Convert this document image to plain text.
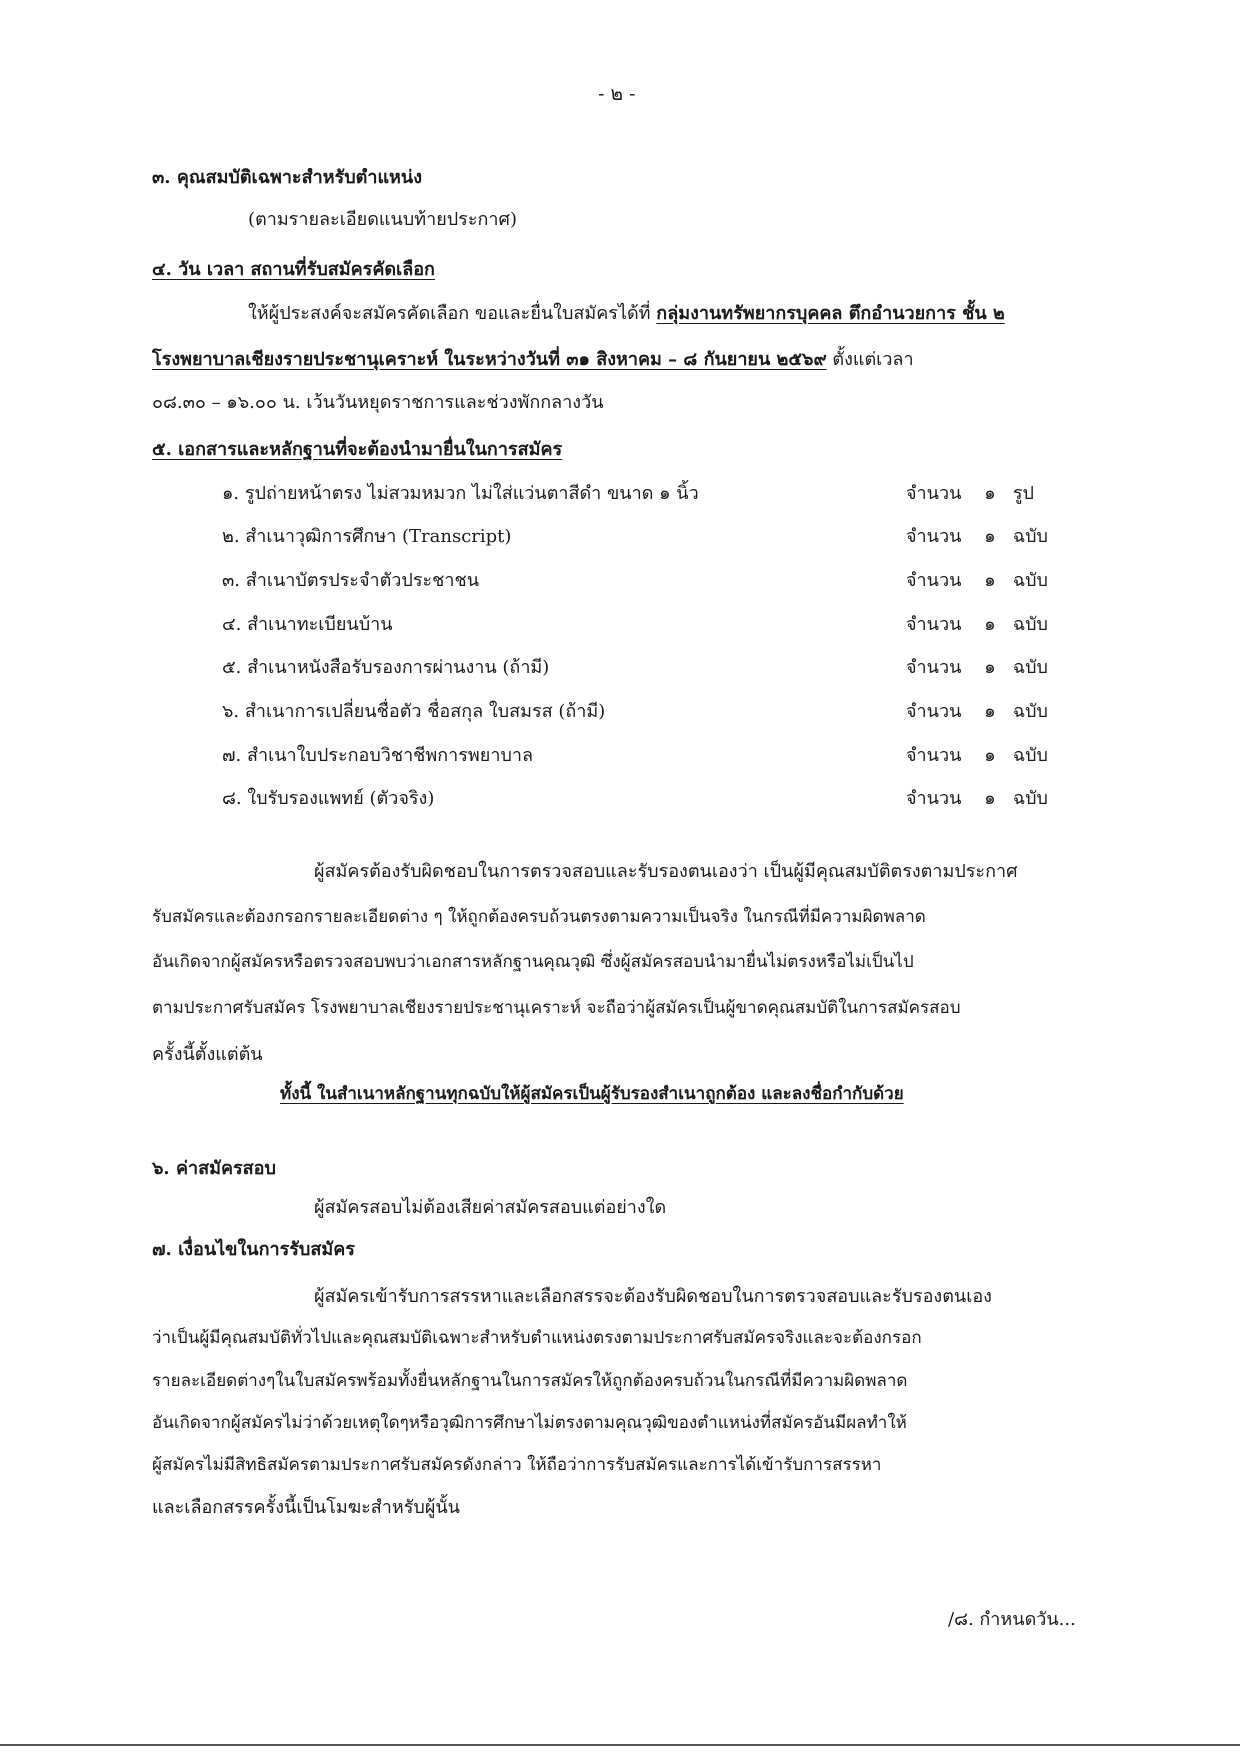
- ๒ -
๓. คุณสมบัติเฉพาะสำหรับตำแหน่ง
(ตามรายละเอียดแนบท้ายประกาศ)
๔. วัน เวลา สถานที่รับสมัครคัดเลือก
ให้ผู้ประสงค์จะสมัครคัดเลือก ขอและยื่นใบสมัครได้ที่ กลุ่มงานทรัพยากรบุคคล ตึกอำนวยการ ชั้น ๒
โรงพยาบาลเชียงรายประชานุเคราะห์ ในระหว่างวันที่ ๓๑ สิงหาคม – ๘ กันยายน ๒๕๖๙ ตั้งแต่เวลา
๐๘.๓๐ – ๑๖.๐๐ น. เว้นวันหยุดราชการและช่วงพักกลางวัน
๕. เอกสารและหลักฐานที่จะต้องนำมายื่นในการสมัคร
๑. รูปถ่ายหน้าตรง ไม่สวมหมวก ไม่ใส่แว่นตาสีดำ ขนาด ๑ นิ้ว	จำนวน ๑ รูป
๒. สำเนาวุฒิการศึกษา (Transcript)	จำนวน ๑ ฉบับ
๓. สำเนาบัตรประจำตัวประชาชน	จำนวน ๑ ฉบับ
๔. สำเนาทะเบียนบ้าน	จำนวน ๑ ฉบับ
๕. สำเนาหนังสือรับรองการผ่านงาน (ถ้ามี)	จำนวน ๑ ฉบับ
๖. สำเนาการเปลี่ยนชื่อตัว ชื่อสกุล ใบสมรส (ถ้ามี)	จำนวน ๑ ฉบับ
๗. สำเนาใบประกอบวิชาชีพการพยาบาล	จำนวน ๑ ฉบับ
๘. ใบรับรองแพทย์ (ตัวจริง)	จำนวน ๑ ฉบับ
ผู้สมัครต้องรับผิดชอบในการตรวจสอบและรับรองตนเองว่า เป็นผู้มีคุณสมบัติตรงตามประกาศ
รับสมัครและต้องกรอกรายละเอียดต่าง ๆ ให้ถูกต้องครบถ้วนตรงตามความเป็นจริง ในกรณีที่มีความผิดพลาด
อันเกิดจากผู้สมัครหรือตรวจสอบพบว่าเอกสารหลักฐานคุณวุฒิ ซึ่งผู้สมัครสอบนำมายื่นไม่ตรงหรือไม่เป็นไป
ตามประกาศรับสมัคร โรงพยาบาลเชียงรายประชานุเคราะห์ จะถือว่าผู้สมัครเป็นผู้ขาดคุณสมบัติในการสมัครสอบ
ครั้งนี้ตั้งแต่ต้น
ทั้งนี้ ในสำเนาหลักฐานทุกฉบับให้ผู้สมัครเป็นผู้รับรองสำเนาถูกต้อง และลงชื่อกำกับด้วย
๖. ค่าสมัครสอบ
ผู้สมัครสอบไม่ต้องเสียค่าสมัครสอบแต่อย่างใด
๗. เงื่อนไขในการรับสมัคร
ผู้สมัครเข้ารับการสรรหาและเลือกสรรจะต้องรับผิดชอบในการตรวจสอบและรับรองตนเอง
ว่าเป็นผู้มีคุณสมบัติทั่วไปและคุณสมบัติเฉพาะสำหรับตำแหน่งตรงตามประกาศรับสมัครจริงและจะต้องกรอก
รายละเอียดต่างๆในใบสมัครพร้อมทั้งยื่นหลักฐานในการสมัครให้ถูกต้องครบถ้วนในกรณีที่มีความผิดพลาด
อันเกิดจากผู้สมัครไม่ว่าด้วยเหตุใดๆหรือวุฒิการศึกษาไม่ตรงตามคุณวุฒิของตำแหน่งที่สมัครอันมีผลทำให้
ผู้สมัครไม่มีสิทธิสมัครตามประกาศรับสมัครดังกล่าว ให้ถือว่าการรับสมัครและการได้เข้ารับการสรรหา
และเลือกสรรครั้งนี้เป็นโมฆะสำหรับผู้นั้น
/๘. กำหนดวัน...
